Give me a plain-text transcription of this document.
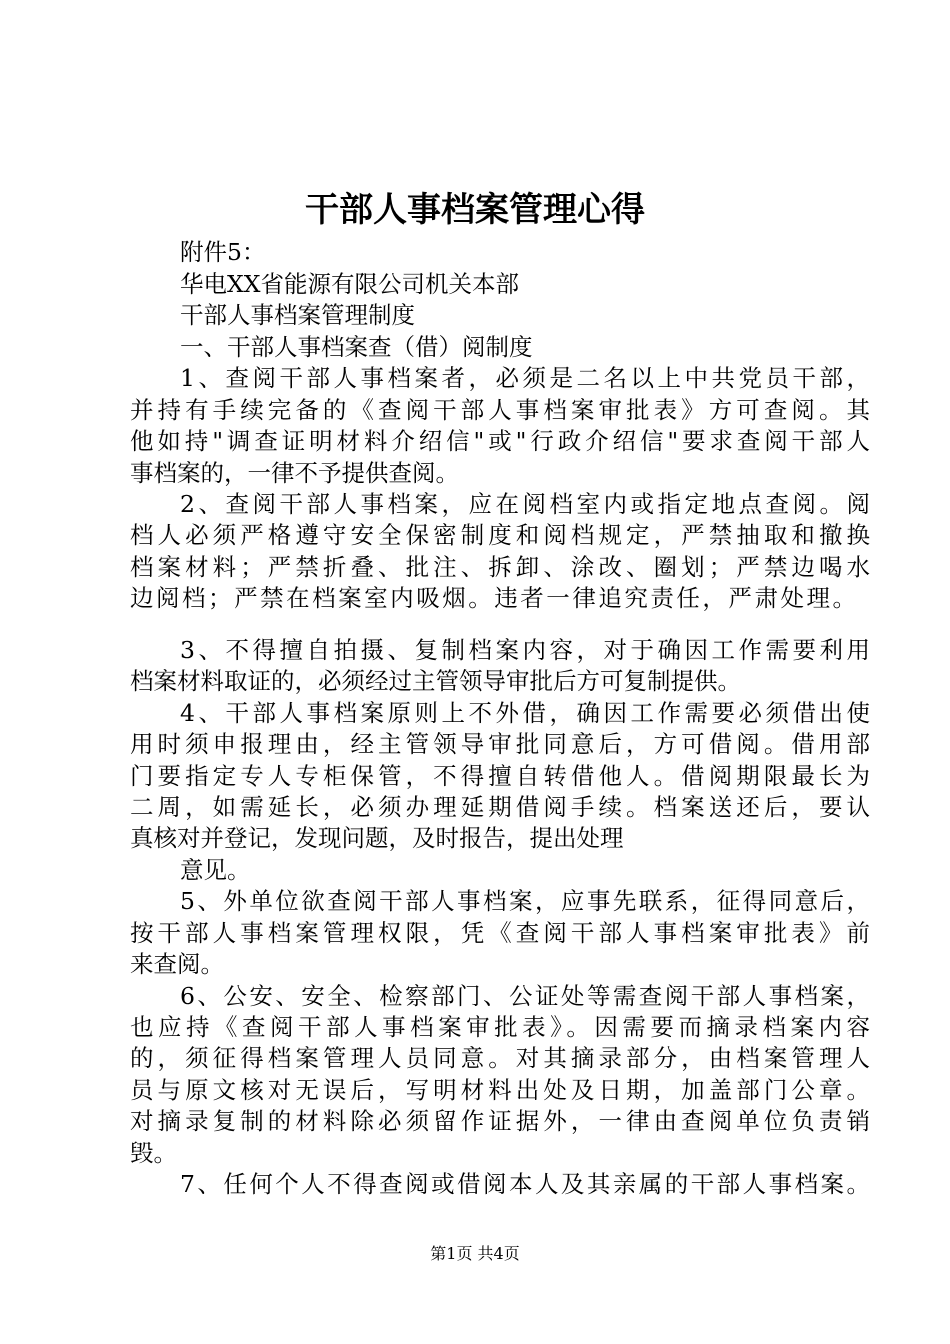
干部人事档案管理心得

附件5：

华电XX省能源有限公司机关本部

干部人事档案管理制度

一、干部人事档案查（借）阅制度

1、查阅干部人事档案者，必须是二名以上中共党员干部，

并持有手续完备的《查阅干部人事档案审批表》方可查阅。其

他如持"调查证明材料介绍信"或"行政介绍信"要求查阅干部人

事档案的，一律不予提供查阅。

2、查阅干部人事档案，应在阅档室内或指定地点查阅。阅

档人必须严格遵守安全保密制度和阅档规定，严禁抽取和撤换

档案材料；严禁折叠、批注、拆卸、涂改、圈划；严禁边喝水

边阅档；严禁在档案室内吸烟。违者一律追究责任，严肃处理。

3、不得擅自拍摄、复制档案内容，对于确因工作需要利用

档案材料取证的，必须经过主管领导审批后方可复制提供。

4、干部人事档案原则上不外借，确因工作需要必须借出使

用时须申报理由，经主管领导审批同意后，方可借阅。借用部

门要指定专人专柜保管，不得擅自转借他人。借阅期限最长为

二周，如需延长，必须办理延期借阅手续。档案送还后，要认

真核对并登记，发现问题，及时报告，提出处理

意见。

5、外单位欲查阅干部人事档案，应事先联系，征得同意后，

按干部人事档案管理权限，凭《查阅干部人事档案审批表》前

来查阅。

6、公安、安全、检察部门、公证处等需查阅干部人事档案，

也应持《查阅干部人事档案审批表》。因需要而摘录档案内容

的，须征得档案管理人员同意。对其摘录部分，由档案管理人

员与原文核对无误后，写明材料出处及日期，加盖部门公章。

对摘录复制的材料除必须留作证据外，一律由查阅单位负责销

毁。

7、任何个人不得查阅或借阅本人及其亲属的干部人事档案。

第1页 共4页
